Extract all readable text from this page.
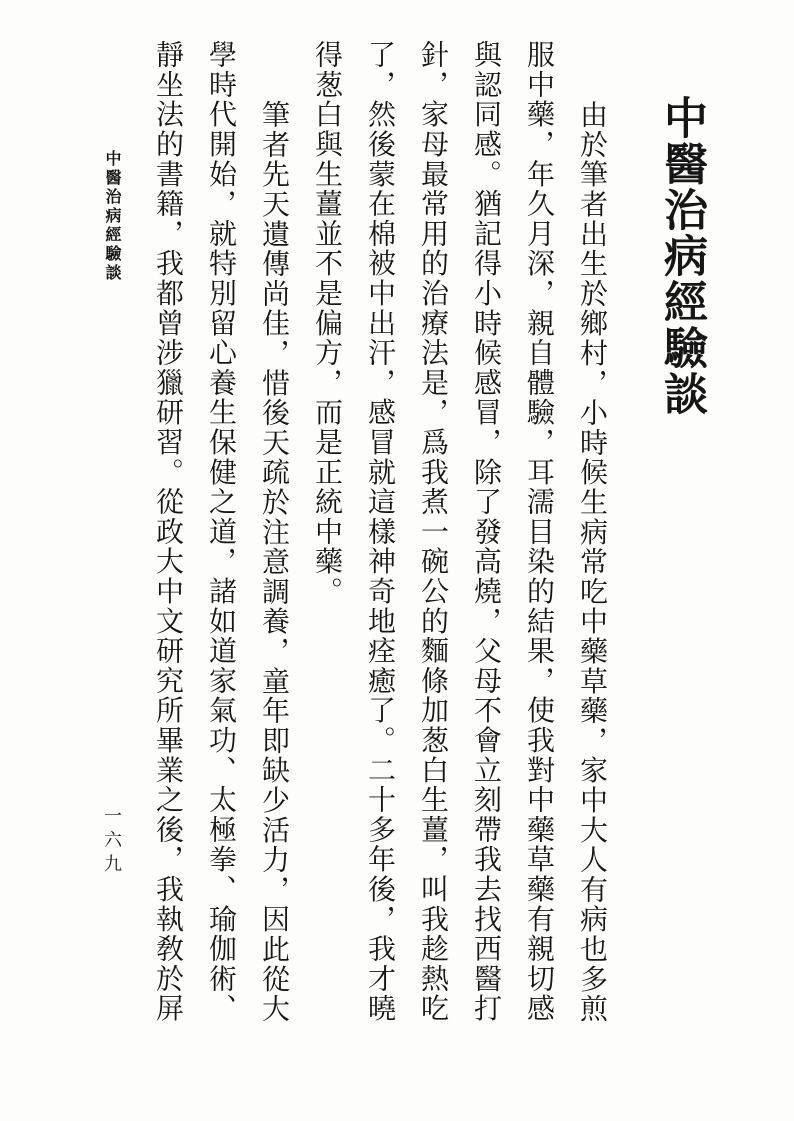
中醫治病經驗談
由於筆者出生於鄉村，小時候生病常吃中藥草藥，家中大人有病也多煎
服中藥，年久月深，親自體驗，耳濡目染的結果，使我對中藥草藥有親切感
與認同感。猶記得小時候感冒，除了發高燒，父母不會立刻帶我去找西醫打
針，家母最常用的治療法是，爲我煮一碗公的麵條加葱白生薑，叫我趁熱吃
了，然後蒙在棉被中出汗，感冒就這樣神奇地痊癒了。二十多年後，我才曉
得葱白與生薑並不是偏方，而是正統中藥。
筆者先天遺傳尚佳，惜後天疏於注意調養，童年即缺少活力，因此從大
學時代開始，就特別留心養生保健之道，諸如道家氣功、太極拳、瑜伽術、
靜坐法的書籍，我都曾涉獵研習。從政大中文研究所畢業之後，我執敎於屏
中醫治病經驗談
一六九
